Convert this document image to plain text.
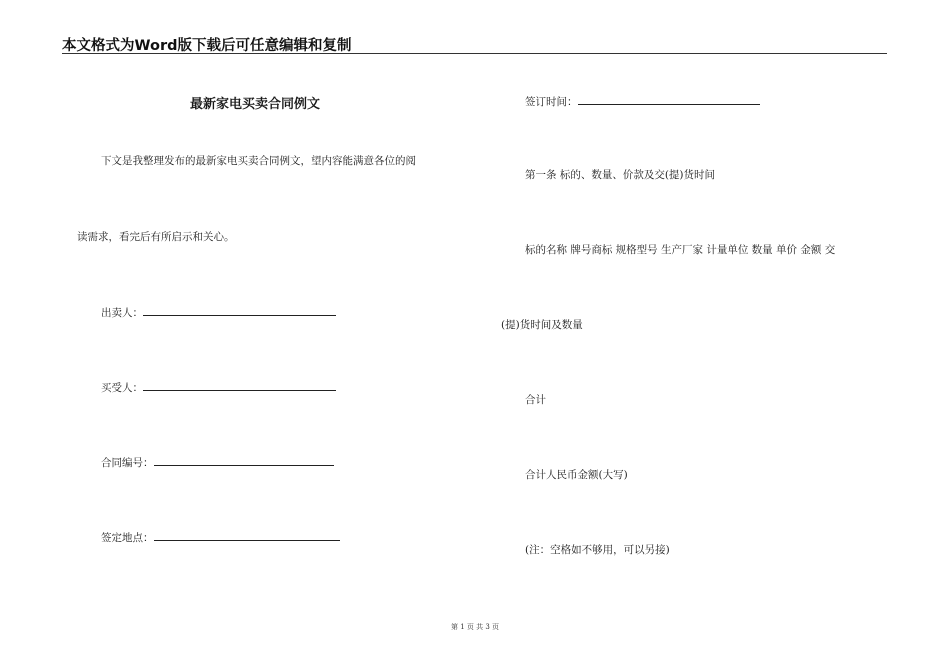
本文格式为Word版下载后可任意编辑和复制
最新家电买卖合同例文
下文是我整理发布的最新家电买卖合同例文，望内容能满意各位的阅
读需求，看完后有所启示和关心。
出卖人：
买受人：
合同编号：
签定地点：
签订时间：
第一条 标的、数量、价款及交(提)货时间
标的名称 牌号商标 规格型号 生产厂家 计量单位 数量 单价 金额 交
(提)货时间及数量
合计
合计人民币金额(大写)
(注：空格如不够用，可以另接)
第 1 页 共 3 页
